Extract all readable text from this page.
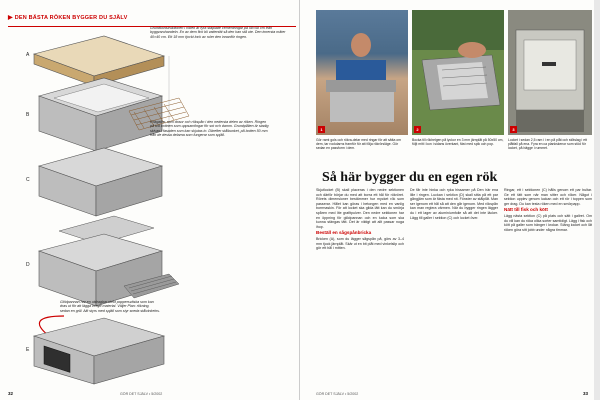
▶ DEN BÄSTA RÖKEN BYGGER DU SJÄLV
A
B
C
D
E
Grundkonstruktionen i röken är fyra staplade cementringar på 58×58 cm från byggvaruhandeln. En av dem fick bli vattentät så den kan stå ute. Den innersta mäter 40×40 cm. Ett 18 mm tjockt lock av ruler den innanför ringen.
Rökgaller, som dosor och rökspån i den nedersta delen av röken. Ringen på två bottnen som uppsamlingar för sot och damm. Grundplåten är stadig skivan i fasaden som kan skjutas in. Därefter stålbunket, på botten 50 mm från de dessa delarna som fungerar som spjäll.
Glödpannan har en utdragbar stekt pappersväska som kan dras ut för att lägga in nytt material. Väljer Plan: rökning, sedan en grill. Allt styrs med spjäll som styr sneda stålvinkelns.
32	GÖR DET SJÄLV • 5/2002
1	2	3
Gör ramt gols och rökra-delar med ringar för att sätta om dem, tar rockdarns framför för att följa rökrörsläge. Gör sedan en passform i dem.
Bocka till rökhelgen på lyckor en 3 mm järnplåt på 50x50 cm, följt mitt i kon i sidans överkant, fäst med spik och pop.
Locket i sedan 2,5 ram i i en på plåt och stötslag i ett plåtfall på ena. Fyra en ca plankskenor som stöd för locket, på bägge i rummet.
Så här bygger du en egen rök
Skjutlocket (B) skall placeras i den nedre sektionen och därför börjar du med att borra ett hål för rökröret. Rörets dimensioner bestämmer hur mycket rök som passerar. Hålet kan göras i betongen med en vanlig borrmaskin. För att locket ska glida lätt kan du smörja spåren med lite grafitpulver. Den nedre sektionen har en öppning för glödpannan och en lucka som ska kunna stängas tätt. Det är viktigt att allt passar noga ihop.
Beställ en sågspånbricka
Bricken (A), som du lägger sågspån på, görs av 3–4 mm tjock järnplåt. Skär ut en bit plåt med vinkelslip och gör ett hål i mitten.
De får inte hinka och ryka hissamer på Den här ena lille i ringen. Luckan i sektion (D) skall sitta på ett par gångjärn som är fästa med nit. Fönster av stålplåt. Man ser igenom ett hål så att den går igenom. Med rökspån kan man reglera värmen. När du bygger ringen lägger du i ett lager av aluminiumfolie så att det inte läcker. Lägg till galler i sektion (C) och locket över.
Ringar, ett i sektionen (C) hålls genom ett par bultar. Ge ett tätt som när man sitter och röker. Något i sektion upplev genom luckan och ett rör i toppen som ger drag. Du kan testa röken med en smörpapp.
Nätt till fisk och kött
Lägg nästa sektion (C) på plats och sätt i gallret. Om du vill kan du röka olika sorter samtidigt. Lägg i fisk och kött på galler som hänger i krokar. Stäng locket och låt röken göra sitt jobb under några timmar.
GÖR DET SJÄLV • 5/2002	33
